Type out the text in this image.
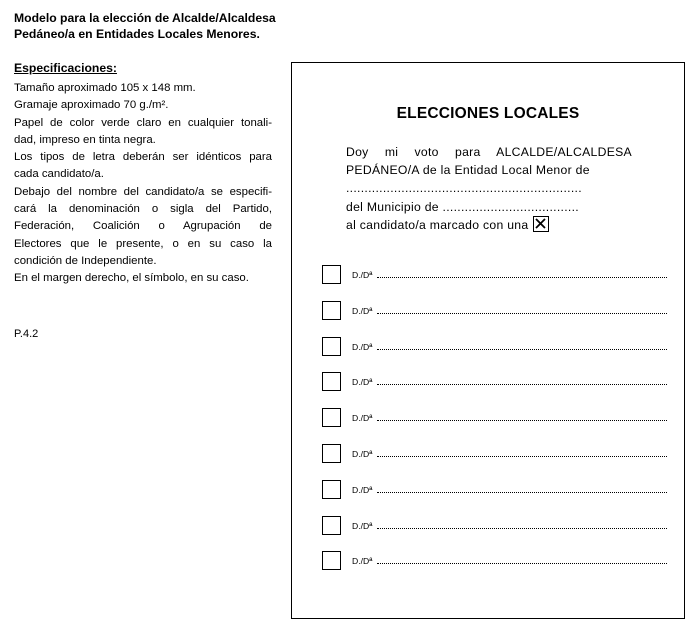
Modelo para la elección de Alcalde/Alcaldesa
Pedáneo/a en Entidades Locales Menores.
Especificaciones:
Tamaño aproximado 105 x 148 mm.
Gramaje aproximado 70 g./m².
Papel de color verde claro en cualquier tonali-
dad, impreso en tinta negra.
Los tipos de letra deberán ser idénticos para
cada candidato/a.
Debajo del nombre del candidato/a se especifi-
cará la denominación o sigla del Partido,
Federación, Coalición o Agrupación de
Electores que le presente, o en su caso la
condición de Independiente.
En el margen derecho, el símbolo, en su caso.
P.4.2
ELECCIONES LOCALES
Doy mi voto para ALCALDE/ALCALDESA
PEDÁNEO/A de la Entidad Local Menor de
................................................................
del Municipio de .....................................
al candidato/a marcado con una
D./Dª
D./Dª
D./Dª
D./Dª
D./Dª
D./Dª
D./Dª
D./Dª
D./Dª
